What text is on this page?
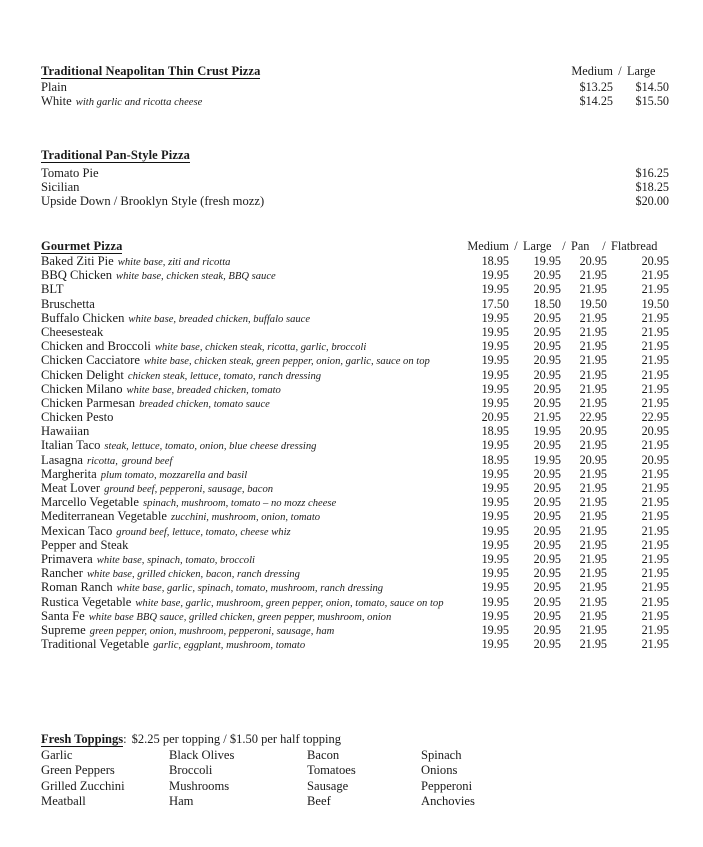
Traditional Neapolitan Thin Crust Pizza	Medium / Large
Plain	$13.25	$14.50
White with garlic and ricotta cheese	$14.25	$15.50
Traditional Pan-Style Pizza
Tomato Pie	$16.25
Sicilian	$18.25
Upside Down / Brooklyn Style (fresh mozz)	$20.00
Gourmet Pizza	Medium / Large / Pan	/ Flatbread
Baked Ziti Pie white base, ziti and ricotta	18.95	19.95	20.95	20.95
BBQ Chicken white base, chicken steak, BBQ sauce	19.95	20.95	21.95	21.95
BLT	19.95	20.95	21.95	21.95
Bruschetta	17.50	18.50	19.50	19.50
Buffalo Chicken white base, breaded chicken, buffalo sauce	19.95	20.95	21.95	21.95
Cheesesteak	19.95	20.95	21.95	21.95
Chicken and Broccoli white base, chicken steak, ricotta, garlic, broccoli	19.95	20.95	21.95	21.95
Chicken Cacciatore white base, chicken steak, green pepper, onion, garlic, sauce on top	19.95	20.95	21.95	21.95
Chicken Delight chicken steak, lettuce, tomato, ranch dressing	19.95	20.95	21.95	21.95
Chicken Milano white base, breaded chicken, tomato	19.95	20.95	21.95	21.95
Chicken Parmesan breaded chicken, tomato sauce	19.95	20.95	21.95	21.95
Chicken Pesto	20.95	21.95	22.95	22.95
Hawaiian	18.95	19.95	20.95	20.95
Italian Taco steak, lettuce, tomato, onion, blue cheese dressing	19.95	20.95	21.95	21.95
Lasagna ricotta, ground beef	18.95	19.95	20.95	20.95
Margherita plum tomato, mozzarella and basil	19.95	20.95	21.95	21.95
Meat Lover ground beef, pepperoni, sausage, bacon	19.95	20.95	21.95	21.95
Marcello Vegetable spinach, mushroom, tomato – no mozz cheese	19.95	20.95	21.95	21.95
Mediterranean Vegetable zucchini, mushroom, onion, tomato	19.95	20.95	21.95	21.95
Mexican Taco ground beef, lettuce, tomato, cheese whiz	19.95	20.95	21.95	21.95
Pepper and Steak	19.95	20.95	21.95	21.95
Primavera white base, spinach, tomato, broccoli	19.95	20.95	21.95	21.95
Rancher white base, grilled chicken, bacon, ranch dressing	19.95	20.95	21.95	21.95
Roman Ranch white base, garlic, spinach, tomato, mushroom, ranch dressing	19.95	20.95	21.95	21.95
Rustica Vegetable white base, garlic, mushroom, green pepper, onion, tomato, sauce on top	19.95	20.95	21.95	21.95
Santa Fe white base BBQ sauce, grilled chicken, green pepper, mushroom, onion	19.95	20.95	21.95	21.95
Supreme green pepper, onion, mushroom, pepperoni, sausage, ham	19.95	20.95	21.95	21.95
Traditional Vegetable garlic, eggplant, mushroom, tomato	19.95	20.95	21.95	21.95
Fresh Toppings: $2.25 per topping / $1.50 per half topping
Garlic	Black Olives	Bacon	Spinach
Green Peppers	Broccoli	Tomatoes	Onions
Grilled Zucchini	Mushrooms	Sausage	Pepperoni
Meatball	Ham	Beef	Anchovies
